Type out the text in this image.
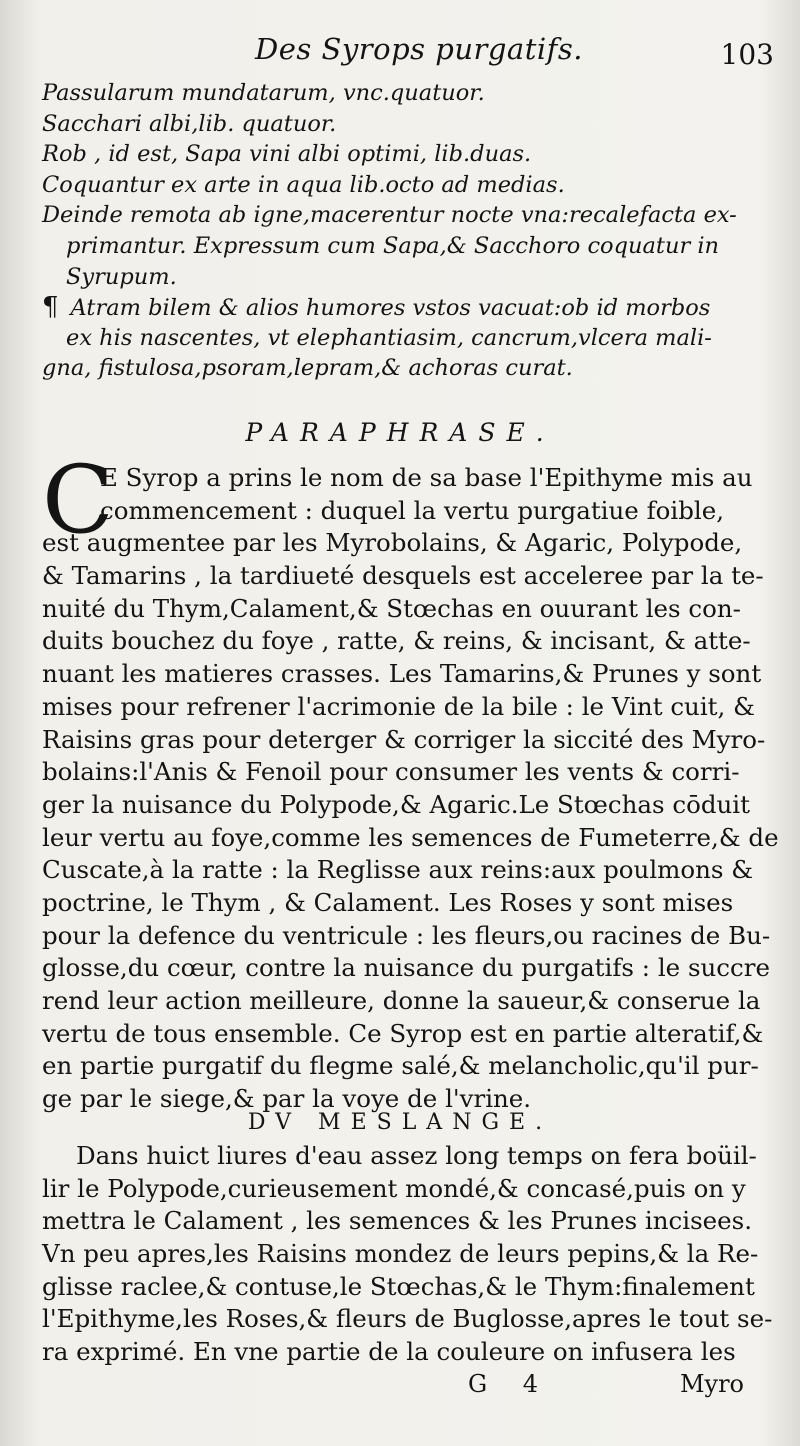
Des Syrops purgatifs.	103
Passularum mundatarum, vnc.quatuor.
Sacchari albi,lib. quatuor.
Rob , id est, Sapa vini albi optimi, lib.duas.
Coquantur ex arte in aqua lib.octo ad medias.
Deinde remota ab igne,macerentur nocte vna:recalefacta ex-
primantur. Expressum cum Sapa,& Sacchoro coquatur in
Syrupum.
¶ Atram bilem & alios humores vstos vacuat:ob id morbos
ex his nascentes, vt elephantiasim, cancrum,vlcera mali-
gna, fistulosa,psoram,lepram,& achoras curat.
PARAPHRASE.
C
E Syrop a prins le nom de sa base l'Epithyme mis au
commencement : duquel la vertu purgatiue foible,
est augmentee par les Myrobolains, & Agaric, Polypode,
& Tamarins , la tardiueté desquels est acceleree par la te-
nuité du Thym,Calament,& Stœchas en ouurant les con-
duits bouchez du foye , ratte, & reins, & incisant, & atte-
nuant les matieres crasses. Les Tamarins,& Prunes y sont
mises pour refrener l'acrimonie de la bile : le Vint cuit, &
Raisins gras pour deterger & corriger la siccité des Myro-
bolains:l'Anis & Fenoil pour consumer les vents & corri-
ger la nuisance du Polypode,& Agaric.Le Stœchas cōduit
leur vertu au foye,comme les semences de Fumeterre,& de
Cuscate,à la ratte : la Reglisse aux reins:aux poulmons &
poctrine, le Thym , & Calament. Les Roses y sont mises
pour la defence du ventricule : les fleurs,ou racines de Bu-
glosse,du cœur, contre la nuisance du purgatifs : le succre
rend leur action meilleure, donne la saueur,& conserue la
vertu de tous ensemble. Ce Syrop est en partie alteratif,&
en partie purgatif du flegme salé,& melancholic,qu'il pur-
ge par le siege,& par la voye de l'vrine.
DV MESLANGE.
Dans huict liures d'eau assez long temps on fera boüil-
lir le Polypode,curieusement mondé,& concasé,puis on y
mettra le Calament , les semences & les Prunes incisees.
Vn peu apres,les Raisins mondez de leurs pepins,& la Re-
glisse raclee,& contuse,le Stœchas,& le Thym:finalement
l'Epithyme,les Roses,& fleurs de Buglosse,apres le tout se-
ra exprimé. En vne partie de la couleure on infusera les
G 4	Myro
